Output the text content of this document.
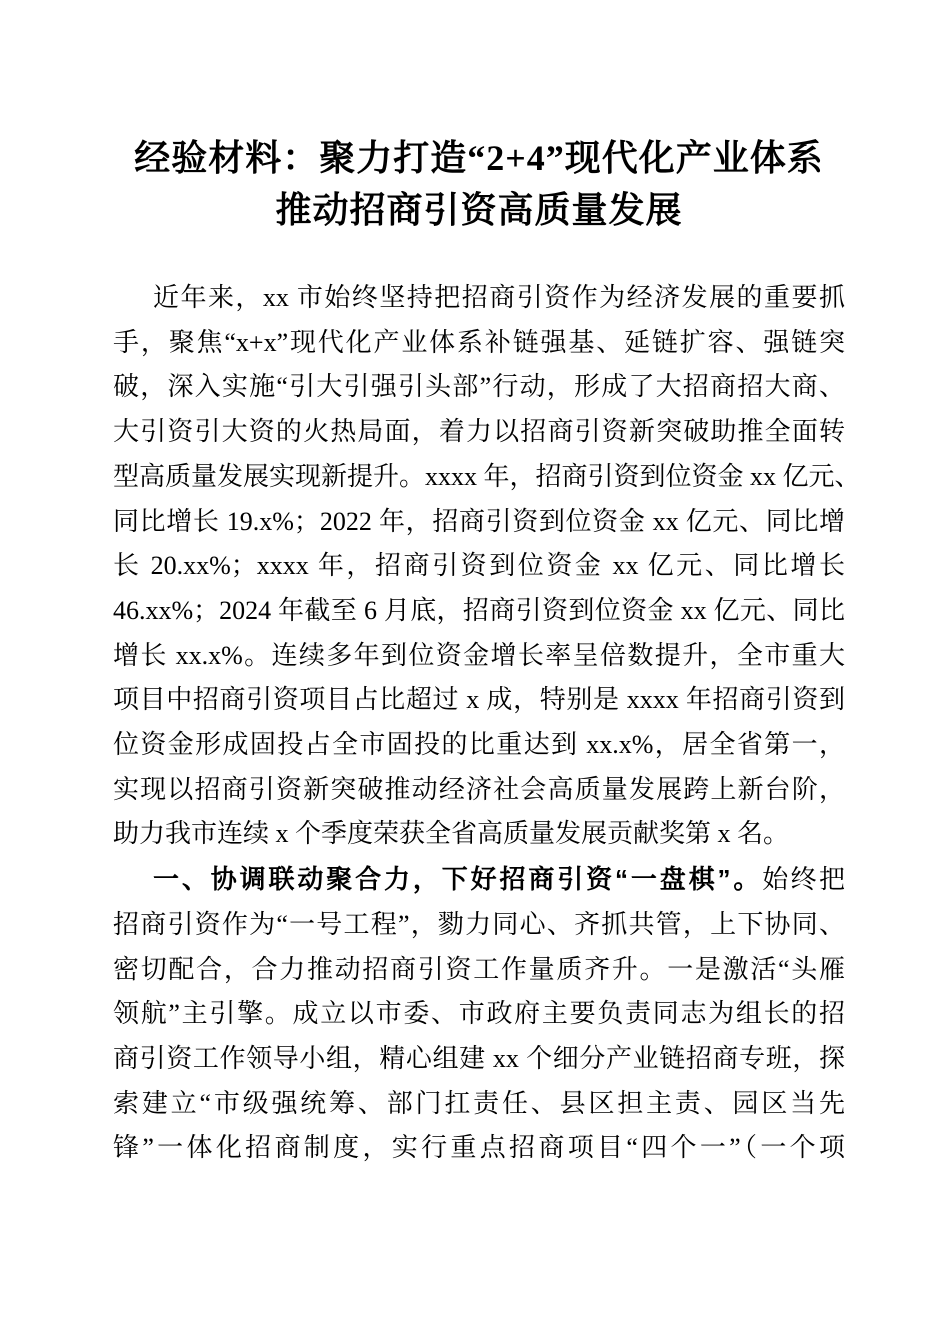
经验材料：聚力打造“2+4”现代化产业体系
推动招商引资高质量发展
近年来，xx 市始终坚持把招商引资作为经济发展的重要抓
手，聚焦“x+x”现代化产业体系补链强基、延链扩容、强链突
破，深入实施“引大引强引头部”行动，形成了大招商招大商、
大引资引大资的火热局面，着力以招商引资新突破助推全面转
型高质量发展实现新提升。xxxx 年，招商引资到位资金 xx 亿元、
同比增长 19.x%；2022 年，招商引资到位资金 xx 亿元、同比增
长 20.xx%；xxxx 年，招商引资到位资金 xx 亿元、同比增长
46.xx%；2024 年截至 6 月底，招商引资到位资金 xx 亿元、同比
增长 xx.x%。连续多年到位资金增长率呈倍数提升，全市重大
项目中招商引资项目占比超过 x 成，特别是 xxxx 年招商引资到
位资金形成固投占全市固投的比重达到 xx.x%，居全省第一，
实现以招商引资新突破推动经济社会高质量发展跨上新台阶，
助力我市连续 x 个季度荣获全省高质量发展贡献奖第 x 名。
一、协调联动聚合力，下好招商引资“一盘棋”。始终把
招商引资作为“一号工程”，勠力同心、齐抓共管，上下协同、
密切配合，合力推动招商引资工作量质齐升。一是激活“头雁
领航”主引擎。成立以市委、市政府主要负责同志为组长的招
商引资工作领导小组，精心组建 xx 个细分产业链招商专班，探
索建立“市级强统筹、部门扛责任、县区担主责、园区当先
锋”一体化招商制度，实行重点招商项目“四个一”（一个项
